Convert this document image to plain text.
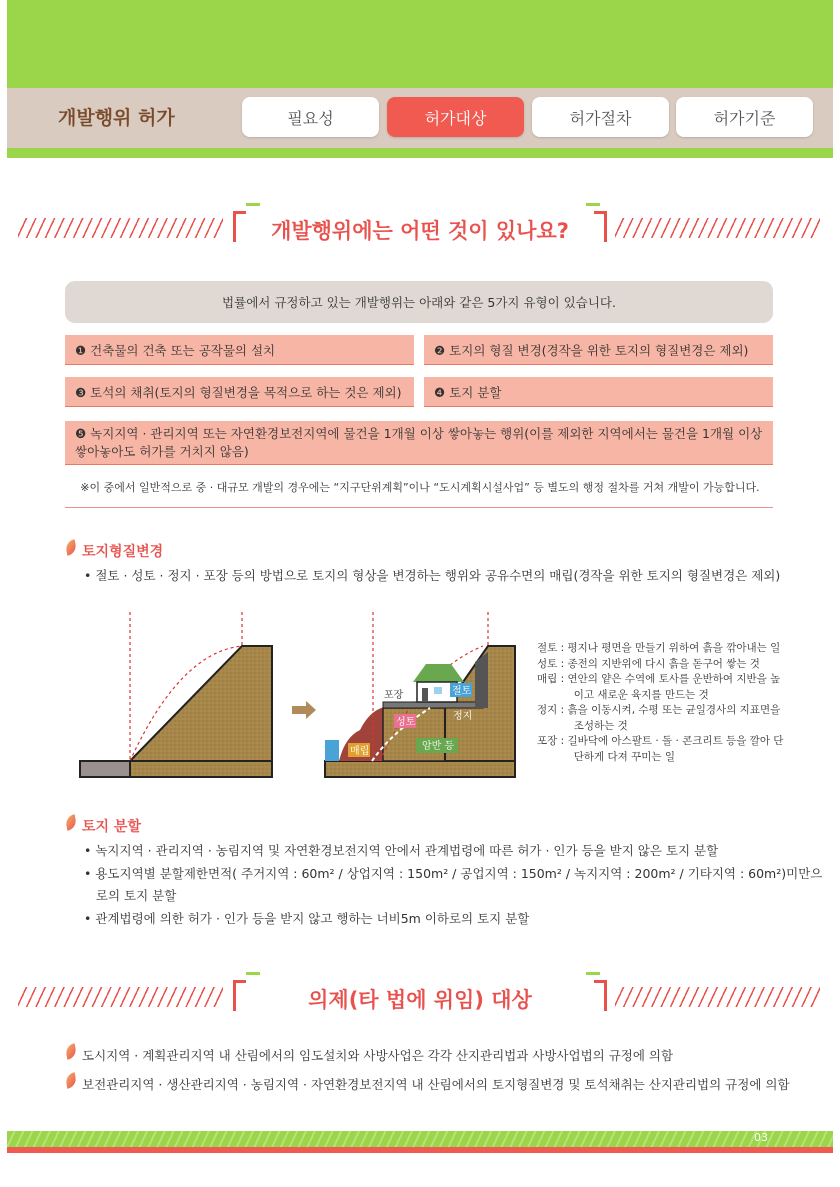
개발행위 허가	필요성	허가대상	허가절차	허가기준
개발행위에는 어떤 것이 있나요?
법률에서 규정하고 있는 개발행위는 아래와 같은 5가지 유형이 있습니다.
❶ 건축물의 건축 또는 공작물의 설치	❷ 토지의 형질 변경(경작을 위한 토지의 형질변경은 제외)
❸ 토석의 채취(토지의 형질변경을 목적으로 하는 것은 제외)	❹ 토지 분할
❺ 녹지지역 · 관리지역 또는 자연환경보전지역에 물건을 1개월 이상 쌓아놓는 행위(이를 제외한 지역에서는 물건을 1개월 이상 쌓아놓아도 허가를 거치지 않음)
※이 중에서 일반적으로 중 · 대규모 개발의 경우에는 “지구단위계획”이나 “도시계획시설사업” 등 별도의 행정 절차를 거쳐 개발이 가능합니다.
토지형질변경
• 절토 · 성토 · 정지 · 포장 등의 방법으로 토지의 형상을 변경하는 행위와 공유수면의 매립(경작을 위한 토지의 형질변경은 제외)
포장	절토
성토
정지
매립	암반 등
절토 : 평지나 평면을 만들기 위하여 흙을 깎아내는 일
성토 : 종전의 지반위에 다시 흙을 돋구어 쌓는 것
매립 : 연안의 얕은 수역에 토사를 운반하여 지반을 높
이고 새로운 육지를 만드는 것
정지 : 흙을 이동시켜, 수평 또는 균일경사의 지표면을
조성하는 것
포장 : 길바닥에 아스팔트 · 돌 · 콘크리트 등을 깔아 단
단하게 다져 꾸미는 일
토지 분할
• 녹지지역 · 관리지역 · 농림지역 및 자연환경보전지역 안에서 관계법령에 따른 허가 · 인가 등을 받지 않은 토지 분할
• 용도지역별 분할제한면적( 주거지역 : 60m² / 상업지역 : 150m² / 공업지역 : 150m² / 녹지지역 : 200m² / 기타지역 : 60m²)미만으
로의 토지 분할
• 관계법령에 의한 허가 · 인가 등을 받지 않고 행하는 너비5m 이하로의 토지 분할
의제(타 법에 위임) 대상
도시지역 · 계획관리지역 내 산림에서의 임도설치와 사방사업은 각각 산지관리법과 사방사업법의 규정에 의함
보전관리지역 · 생산관리지역 · 농림지역 · 자연환경보전지역 내 산림에서의 토지형질변경 및 토석채취는 산지관리법의 규정에 의함
03
